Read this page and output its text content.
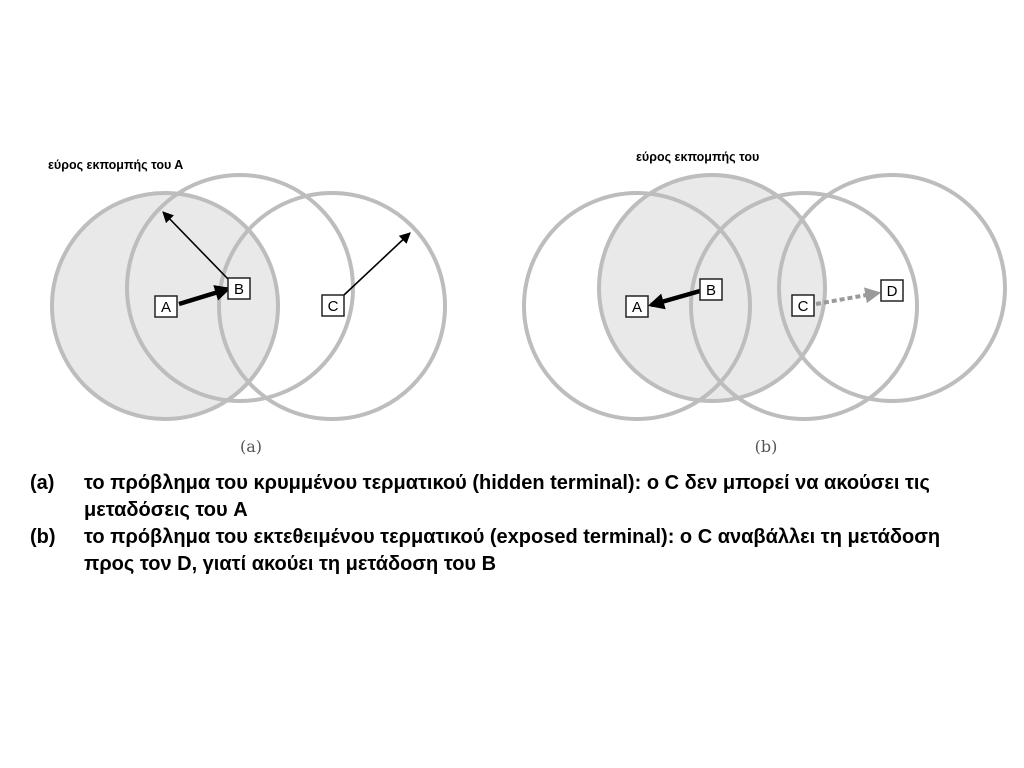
εύρος εκπομπής του Α
A
B
C
(a)
εύρος εκπομπής του
A
B
C
D
(b)
(a)	το πρόβλημα του κρυμμένου τερματικού (hidden terminal): ο C δεν μπορεί να ακούσει τις μεταδόσεις του A
(b)	το πρόβλημα του εκτεθειμένου τερματικού (exposed terminal): ο C αναβάλλει τη μετάδοση προς τον D, γιατί ακούει τη μετάδοση του B
